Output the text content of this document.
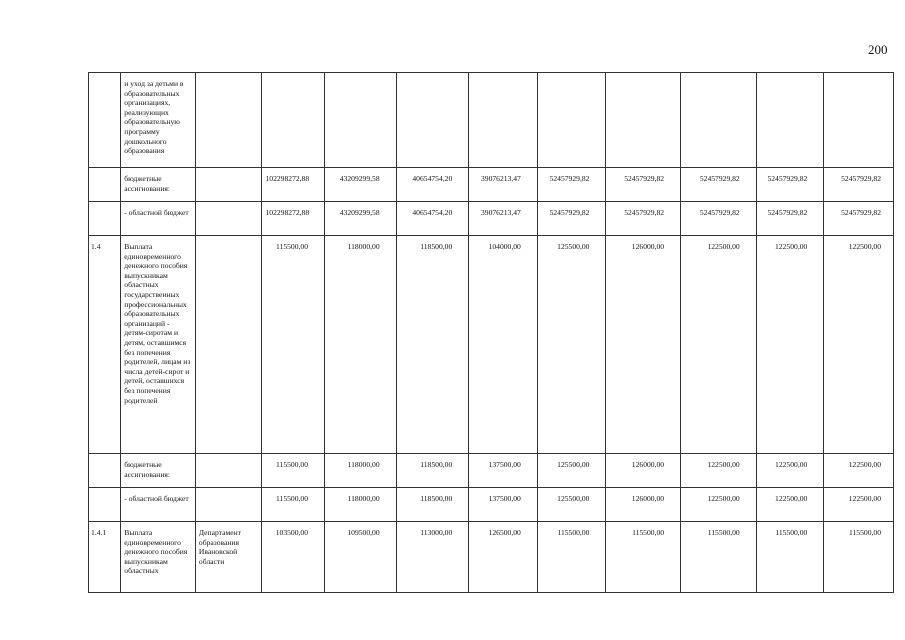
200
	и уход за детьми в образовательных организациях, реализующих образовательную программу дошкольного образования										
	бюджетные ассигнования:		102298272,88	43209299,58	40654754,20	39076213,47	52457929,82	52457929,82	52457929,82	52457929,82	52457929,82
	- областной бюджет		102298272,88	43209299,58	40654754,20	39076213,47	52457929,82	52457929,82	52457929,82	52457929,82	52457929,82
1.4	Выплата единовременного денежного пособия выпускникам областных государственных профессиональных образовательных организаций - детям-сиротам и детям, оставшимся без попечения родителей, лицам из числа детей-сирот и детей, оставшихся без попечения родителей		115500,00	118000,00	118500,00	104000,00	125500,00	126000,00	122500,00	122500,00	122500,00
	бюджетные ассигнования:		115500,00	118000,00	118500,00	137500,00	125500,00	126000,00	122500,00	122500,00	122500,00
	- областной бюджет		115500,00	118000,00	118500,00	137500,00	125500,00	126000,00	122500,00	122500,00	122500,00
1.4.1	Выплата единовременного денежного пособия выпускникам областных	Департамент образования Ивановской области	103500,00	109500,00	113000,00	126500,00	115500,00	115500,00	115500,00	115500,00	115500,00
